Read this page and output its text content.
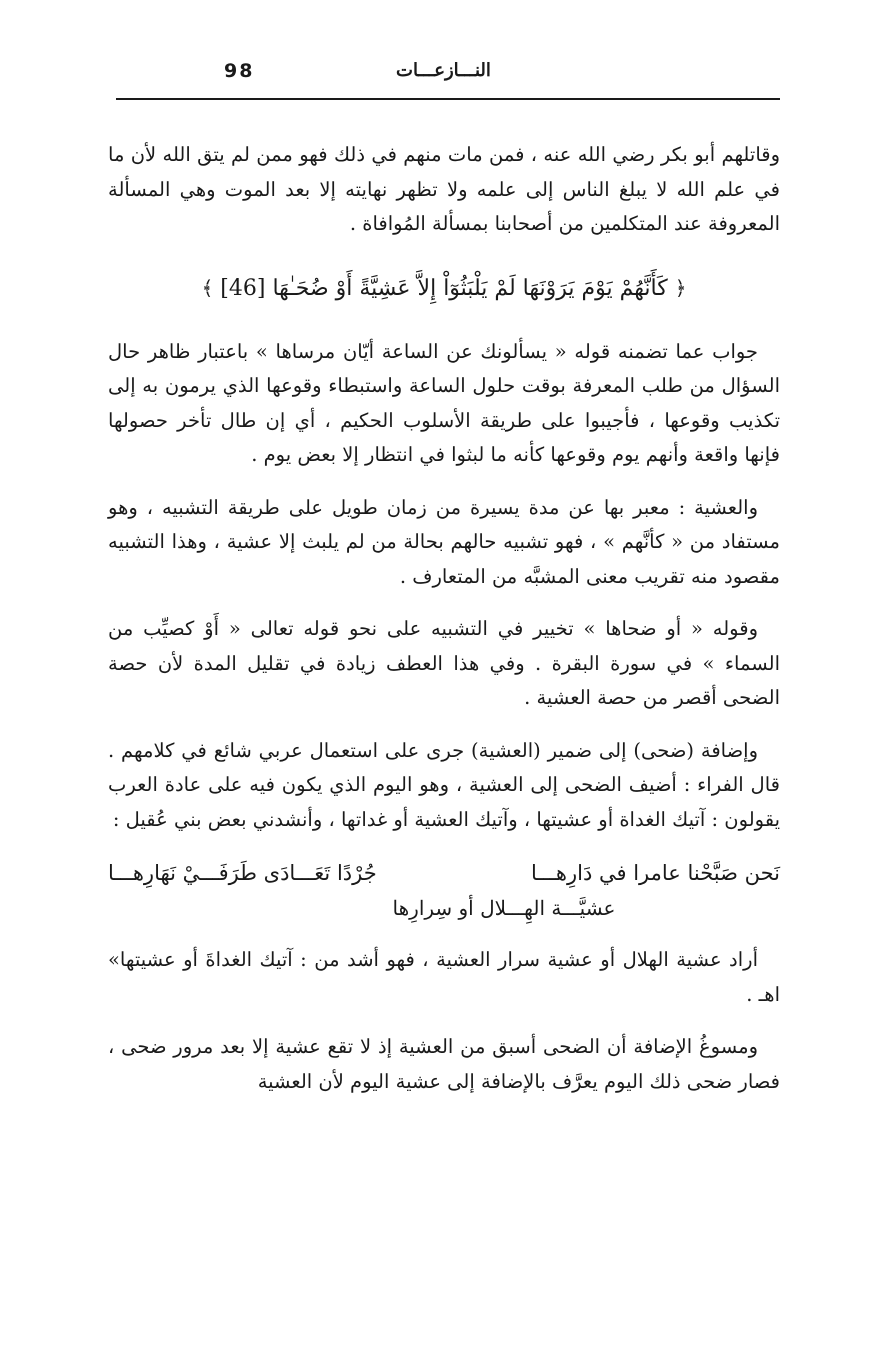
98	النـــازعـــات

وقاتلهم أبو بكر رضي الله عنه ، فمن مات منهم في ذلك فهو ممن لم يتق الله لأن ما في علم الله لا يبلغ الناس إلى علمه ولا تظهر نهايته إلا بعد الموت وهي المسألة المعروفة عند المتكلمين من أصحابنا بمسألة المُوافاة .

﴿ كَأَنَّهُمْ يَوْمَ يَرَوْنَهَا لَمْ يَلْبَثُوٓاْ إِلاَّ عَشِيَّةً أَوْ ضُحَـٰهَا [46] ﴾

جواب عما تضمنه قوله « يسألونك عن الساعة أيّان مرساها » باعتبار ظاهر حال السؤال من طلب المعرفة بوقت حلول الساعة واستبطاء وقوعها الذي يرمون به إلى تكذيب وقوعها ، فأجيبوا على طريقة الأسلوب الحكيم ، أي إن طال تأخر حصولها فإنها واقعة وأنهم يوم وقوعها كأنه ما لبثوا في انتظار إلا بعض يوم .

والعشية : معبر بها عن مدة يسيرة من زمان طويل على طريقة التشبيه ، وهو مستفاد من « كأنَّهم » ، فهو تشبيه حالهم بحالة من لم يلبث إلا عشية ، وهذا التشبيه مقصود منه تقريب معنى المشبَّه من المتعارف .

وقوله « أو ضحاها » تخيير في التشبيه على نحو قوله تعالى « أَوْ كصيِّب من السماء » في سورة البقرة . وفي هذا العطف زيادة في تقليل المدة لأن حصة الضحى أقصر من حصة العشية .

وإضافة (ضحى) إلى ضمير (العشية) جرى على استعمال عربي شائع في كلامهم . قال الفراء : أضيف الضحى إلى العشية ، وهو اليوم الذي يكون فيه على عادة العرب يقولون : آتيك الغداة أو عشيتها ، وآتيك العشية أو غداتها ، وأنشدني بعض بني عُقيل :

نَحن صَبَّحْنا عامرا في دَارِهـــا
جُرْدًا تَعَـــادَى طَرَفَـــيْ نَهَارِهـــا
عشيَّـــة الهِـــلال أو سِرارِها

أراد عشية الهلال أو عشية سرار العشية ، فهو أشد من : آتيك الغداةَ أو عشيتها» اهـ .

ومسوغُ الإضافة أن الضحى أسبق من العشية إذ لا تقع عشية إلا بعد مرور ضحى ، فصار ضحى ذلك اليوم يعرَّف بالإضافة إلى عشية اليوم لأن العشية
